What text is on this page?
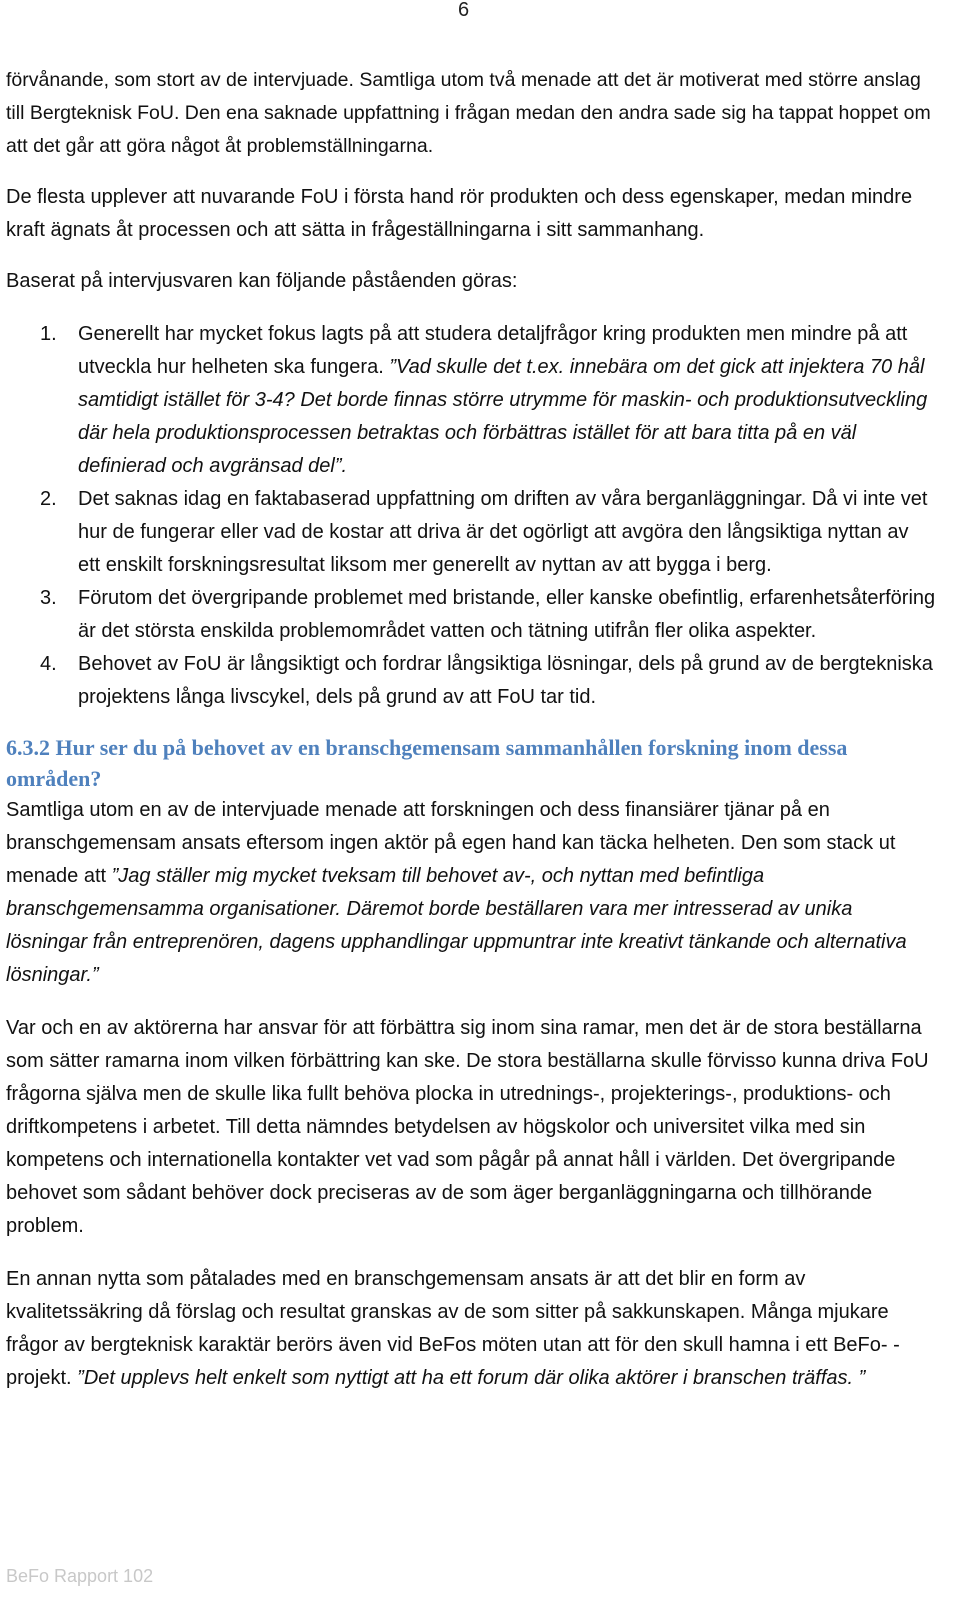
6

förvånande, som stort av de intervjuade. Samtliga utom två menade att det är motiverat med större anslag till Bergteknisk FoU. Den ena saknade uppfattning i frågan medan den andra sade sig ha tappat hoppet om att det går att göra något åt problemställningarna.

De flesta upplever att nuvarande FoU i första hand rör produkten och dess egenskaper, medan mindre kraft ägnats åt processen och att sätta in frågeställningarna i sitt sammanhang.

Baserat på intervjusvaren kan följande påståenden göras:

1. Generellt har mycket fokus lagts på att studera detaljfrågor kring produkten men mindre på att utveckla hur helheten ska fungera. ”Vad skulle det t.ex. innebära om det gick att injektera 70 hål samtidigt istället för 3-4? Det borde finnas större utrymme för maskin- och produktionsutveckling där hela produktionsprocessen betraktas och förbättras istället för att bara titta på en väl definierad och avgränsad del”.
2. Det saknas idag en faktabaserad uppfattning om driften av våra berganläggningar. Då vi inte vet hur de fungerar eller vad de kostar att driva är det ogörligt att avgöra den långsiktiga nyttan av ett enskilt forskningsresultat liksom mer generellt av nyttan av att bygga i berg.
3. Förutom det övergripande problemet med bristande, eller kanske obefintlig, erfarenhetsåterföring är det största enskilda problemområdet vatten och tätning utifrån fler olika aspekter.
4. Behovet av FoU är långsiktigt och fordrar långsiktiga lösningar, dels på grund av de bergtekniska projektens långa livscykel, dels på grund av att FoU tar tid.
6.3.2 Hur ser du på behovet av en branschgemensam sammanhållen forskning inom dessa områden?

Samtliga utom en av de intervjuade menade att forskningen och dess finansiärer tjänar på en branschgemensam ansats eftersom ingen aktör på egen hand kan täcka helheten. Den som stack ut menade att ”Jag ställer mig mycket tveksam till behovet av-, och nyttan med befintliga branschgemensamma organisationer. Däremot borde beställaren vara mer intresserad av unika lösningar från entreprenören, dagens upphandlingar uppmuntrar inte kreativt tänkande och alternativa lösningar.”

Var och en av aktörerna har ansvar för att förbättra sig inom sina ramar, men det är de stora beställarna som sätter ramarna inom vilken förbättring kan ske. De stora beställarna skulle förvisso kunna driva FoU frågorna själva men de skulle lika fullt behöva plocka in utrednings-, projekterings-, produktions- och driftkompetens i arbetet. Till detta nämndes betydelsen av högskolor och universitet vilka med sin kompetens och internationella kontakter vet vad som pågår på annat håll i världen. Det övergripande behovet som sådant behöver dock preciseras av de som äger berganläggningarna och tillhörande problem.

En annan nytta som påtalades med en branschgemensam ansats är att det blir en form av kvalitetssäkring då förslag och resultat granskas av de som sitter på sakkunskapen. Många mjukare frågor av bergteknisk karaktär berörs även vid BeFos möten utan att för den skull hamna i ett BeFo- -projekt. ”Det upplevs helt enkelt som nyttigt att ha ett forum där olika aktörer i branschen träffas. ”

BeFo Rapport 102
